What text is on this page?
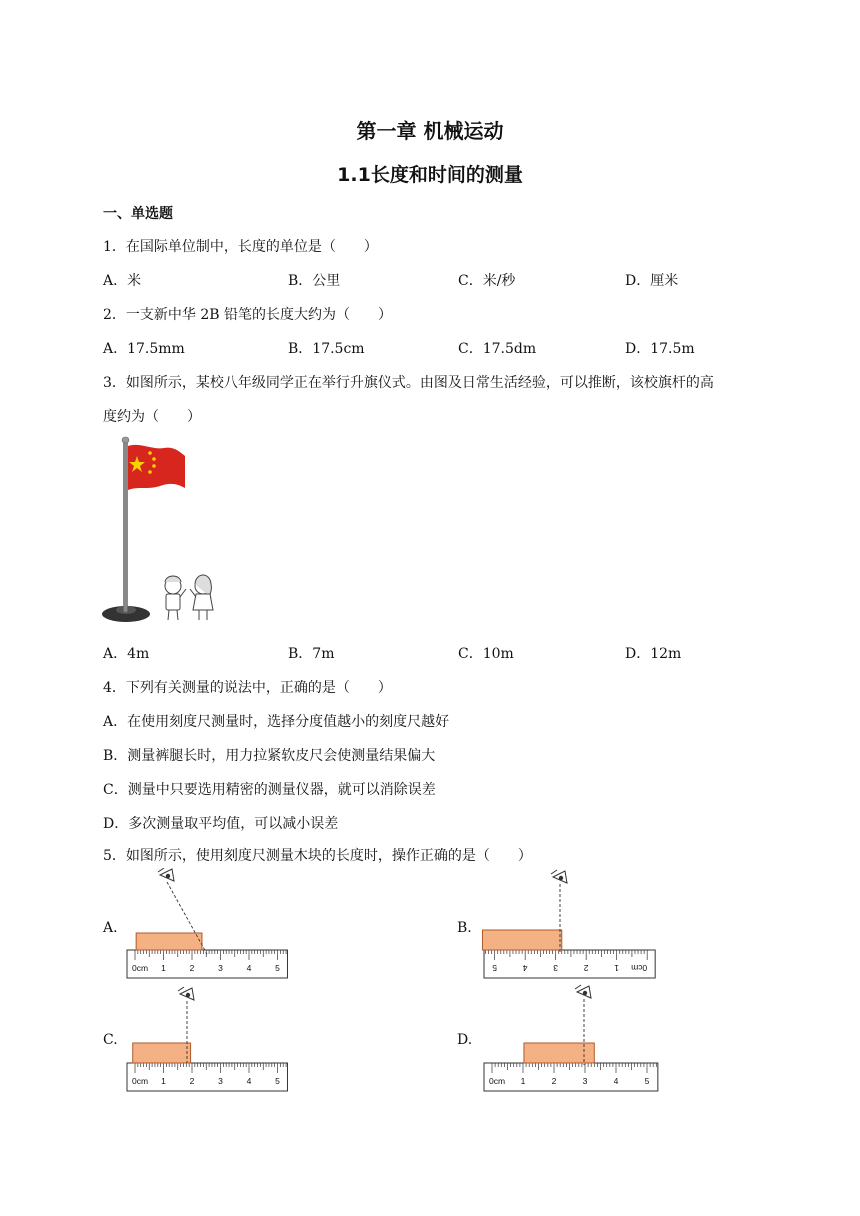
第一章 机械运动
1.1长度和时间的测量
一、单选题
1．在国际单位制中，长度的单位是（　　）
A．米	B．公里	C．米/秒	D．厘米
2．一支新中华 2B 铅笔的长度大约为（　　）
A．17.5mm	B．17.5cm	C．17.5dm	D．17.5m
3．如图所示，某校八年级同学正在举行升旗仪式。由图及日常生活经验，可以推断，该校旗杆的高
度约为（　　）
A．4m	B．7m	C．10m	D．12m
4．下列有关测量的说法中，正确的是（　　）
A．在使用刻度尺测量时，选择分度值越小的刻度尺越好
B．测量裤腿长时，用力拉紧软皮尺会使测量结果偏大
C．测量中只要选用精密的测量仪器，就可以消除误差
D．多次测量取平均值，可以减小误差
5．如图所示，使用刻度尺测量木块的长度时，操作正确的是（　　）
A.	B.
C.	D.
0cm 1	2	3	4	5	0cm
1
2
3
4
5
0cm 1	2	3	4	5	0cm 1	2	3	4	5
